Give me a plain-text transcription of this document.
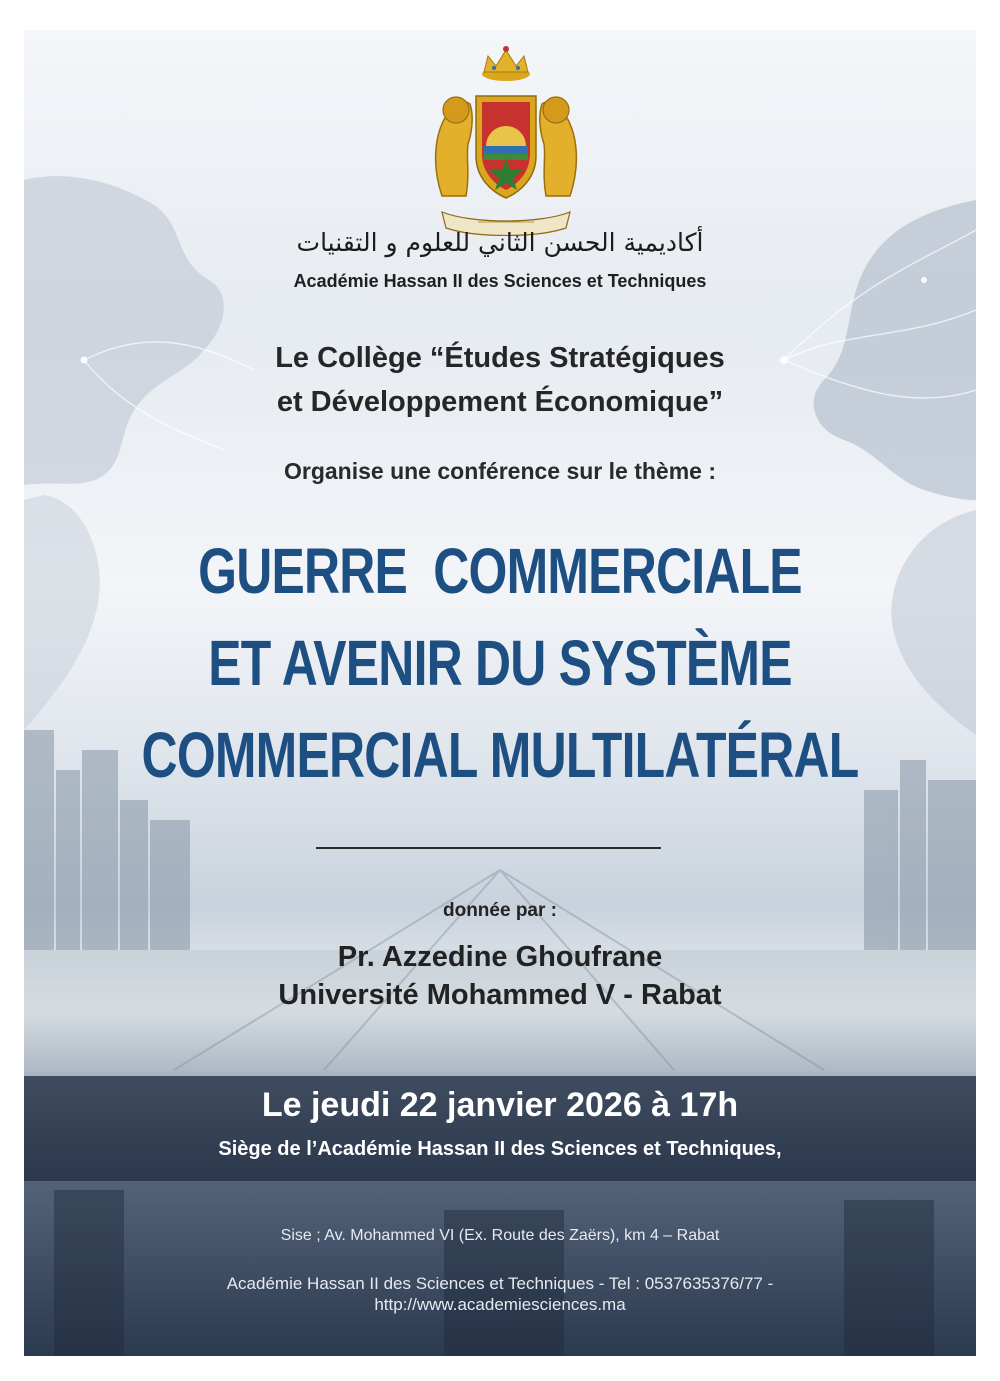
أكاديمية الحسن الثاني للعلوم و التقنيات
Académie Hassan II des Sciences et Techniques
Le Collège “Études Stratégiques
et Développement Économique”
Organise une conférence sur le thème :
GUERRE  COMMERCIALE
ET AVENIR DU SYSTÈME
COMMERCIAL MULTILATÉRAL
donnée par :
Pr. Azzedine Ghoufrane
Université Mohammed V - Rabat
Le jeudi 22 janvier 2026 à 17h
Siège de l’Académie Hassan II des Sciences et Techniques,
Sise ; Av. Mohammed VI (Ex. Route des Zaërs), km 4 – Rabat
Académie Hassan II des Sciences et Techniques - Tel : 0537635376/77 -
http://www.academiesciences.ma
